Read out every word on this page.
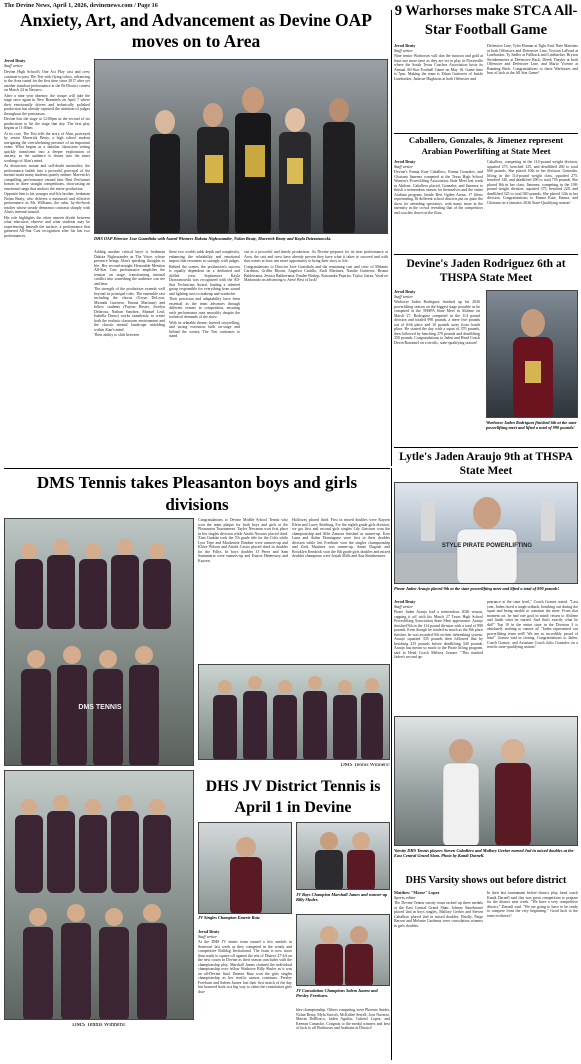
The Devine News, April 1, 2026, devinenews.com / Page 16
Anxiety, Art, and Advancement as Devine OAP moves on to Area
Jerod Beaty
Staff writer

Devine High School's One Act Play cast and crew continue to pass The Test with flying colors, advancing to the Area round for the first time since 2017 after yet another standout performance at the Bi-District contest on March 24 in Navarro.

After a nine year absence, the troupe will take the stage once again in New Braunfels on April 7 where their emotionally driven and technically polished production has already captured the attention of judges throughout the postseason.

Devine hits the stage at 12:00pm as the second of six productions to hit the stage that day. The first play begins at 11:00am.

At its core, The Test tells the story of Alan, portrayed by senior Maverick Beaty, a high school student navigating the overwhelming pressure of an important exam. What begins as a familiar classroom setting quickly transforms into a deeper exploration of anxiety, as the audience is drawn into the inner workings of Alan's mind.

As distractors mount and self-doubt intensifies, the performance builds into a powerful portrayal of the mental strain many students quietly endure. Maverick's compelling performance earned him Best Performer honors in three straight competitions, showcasing an emotional range that anchors the entire production.

Opposite him is his younger real-life brother, freshman Nolan Beaty, who delivers a measured and effective performance as Mr. Williams, the calm, by-the-book teacher whose steady demeanor contrasts sharply with Alan's internal turmoil.

His role highlights the often unseen divide between what educators observe and what students may be experiencing beneath the surface, a performance that garnered All-Star Cast recognition after his last two performances.

DHS OAP Director Jose Guardiola with Award Winners Dakota Nighswander, Nolan Beaty, Maverick Beaty and Kayla Dziezanowski.

Adding another critical layer is freshman Dakota Nighswander as The Voice, whose presence brings Alan's spiraling thoughts to life. Her second-straight Honorable Mention All-Star Cast performance amplifies the tension on stage, transforming internal conflict into something the audience can see and hear.

The strength of the production extends well beyond its principal roles. The ensemble cast including the chorus (Gwyn DeLeon, Miranda Guerrero, Emma Martinez) and fellow students (Payton Hester, Jocelyn Delarosa, Nathan Sanchez, Manuel Leal, Isabella Durso) works seamlessly to create both the realistic classroom environment and the chaotic mental landscape unfolding within Alan's mind.

Their ability to shift between

these two worlds adds depth and complexity, enhancing the relatability and emotional impact that resonates so strongly with judges.

Behind the scenes, the production's success is equally dependent on a dedicated and skilled crew. Sophomore Kayla Dziezanowski was recognized with the All-Star Technician Award, leading a talented group responsible for everything from sound and lighting cues to makeup and wardrobe.

Their precision and adaptability have been essential as the team advances through different venues in competition, ensuring each performance runs smoothly despite the technical demands of the show.

With its relatable theme, layered storytelling, and strong execution both on-stage and behind the scenes, The Test continues to stand

out as a powerful and timely production. As Devine prepares for its next performance at Area, the cast and crew have already proven they have what it takes to succeed and with that comes at least one more opportunity to bring their story to life.

Congratulations to Director Jose Guardiola and the remaining cast and crew of Melanie Cardenas, Griffin Bloom, Angelica Castillo, Zack Martinez, Natalie Gutierrez, Briana Balderrama, Jessica Balderrama, Emilee Bishop, Kassandra Pajarito, Taylor Garza, VeraLee Madonado on advancing to Area! Best of luck!

9 Warhorses make STCA All-Star Football Game
Jerod Beaty
Staff writer
Nine senior Warhorses will don the maroon and gold at least one more time as they are set to play in Floresville where the South Texas Coaches Association hosts its Annual All-Star Football Game on May 16. Game time is 7pm. Making the team is Ethan Gutierrez of Inside Linebacker, Jadacae Hughston at both Offensive and
Defensive Line, Tyler Homan at Tight End, Nate Martinez at both Offensive and Defensive Line, Tryston LaFond at Linebacker, Ty Sadler at Fullback and Linebacker, Bryson Strinkenmeier at Defensive Back, Derek Thayler at both Offensive and Defensive Line, and Mario Vicente at Running Back. Congratulations to these Warhorses and best of luck at the All Star Game!
Caballero, Gonzales, & Jimenez represent Arabian Powerlifting at State Meet
Jerod Beaty
Staff writer
Devine's Emma Kate Caballero, Emma Gonzales, and Gloriana Jimenez competed at the Texas High School Women's Powerlifting Association State Meet last week in Abilene. Caballero placed, Gonzales, and Jimenez to finish a tremendous season for themselves and the entire Arabian program. Inside Bert Ogden Arena, 17 lifters representing 36 different school districts put on quite the show for attending spectators, with many more in the intensity in the crowd revealing that of the competitors and coaches down on the floor.
Caballero, competing in the 114-pound weight division, squatted 275, benched 125, and deadlifted 260 to total 660 pounds. She placed 10th in her division. Gonzales, lifting in the 114-pound weight class, squatted 275, benched 140, and deadlifted 290 to total 705 pounds. She placed 8th in her class. Jimenez, competing in the 198-pound weight division, squatted 375, benched 220, and deadlifted 325 to total 920 pounds. She placed 12th in her division. Congratulations to Emma Kate, Emma, and Gloriana on a fantastic 2026 State-Qualifying season!
Devine's Jaden Rodriguez 6th at THSPA State Meet
Jerod Beaty
Staff writer
Warhorse Jaden Rodriguez finished up his 2026 powerlifting season on the biggest stage possible as he competed at the THSPA State Meet in Abilene on March 27. Rodriguez competed in the 114 pound division and totaled 990 pounds, a mere five pounds out of fifth place and 10 pounds away from fourth place. He started the day with a squat of 370 pounds, then followed by benching 270 pounds and deadlifting 350 pounds. Congratulations to Jaden and Head Coach Devin Rotramel on a terrific, state-qualifying season!
Warhorse Jaden Rodriguez finished 6th at the state powerlifting meet and lifted a total of 990 pounds!
Lytle's Jaden Araujo 9th at THSPA State Meet
STYLE PIRATE POWERLIFTING
Pirate Jaden Araujo placed 9th at the state powerlifting meet and lifted a total of 890 pounds!
Jerod Beaty
Staff writer
Pirate Jaden Araujo had a tremendous 2026 season, capping it off with his March 27 Texas High School Powerlifting Association State Meet appearance. Araujo finished 9th in the 114 pound division with a total of 890 pounds. Even though he totaled as much as the 8th place finisher, he was awarded 9th on their tiebreaking system. Araujo squatted 335 pounds then followed that by benching 215 pounds before deadlifting 340 pounds. Araujo has meant so much to the Pirate lifting program, said to Head Coach Melissa Gomez. "This marked Jaden's second ap-
pearance at the state level," Coach Gomez stated. "Last year, Jaden faced a tough setback, bombing out during the squat and being unable to continue the meet. From that moment on, he had one goal in mind: return to Abilene and finish what he started. And that's exactly what he did!" Top 10 in the entire state in the Division 3 is absolutely nothing to sneeze at! "Jaden represented our powerlifting team well! We are so incredibly proud of him!" Gomez said in closing. Congratulations to Jaden, Coach Gomez, and Assistant Coach Julio Gonzales on a terrific state-qualifying season!
DMS Tennis takes Pleasanton boys and girls divisions
DMS TENNIS
Congratulations to Devine Middle School Tennis who won the team plaque for both boys and girls at the Pleasanton Tournament. Taylor Newman won first place in her singles division while Analis Navarro placed third. Xian Gudoke took the 7th grade title for the Colts while Lyra Tepe and Mackenzie Bindner were runners-up and Khloe Wilson and Aitalis Castro placed third in doubles for the Fillys. In boys doubles JJ Perez and Sam Santamaria were runners-up and Easton Hennessey and Kaysen
Holloway placed third. First in mixed doubles were Kaysen Klein and Lacey Stiteburg. For the eighth grade girls division, we got first and second girls singles Lily Garrison won the championship and Allie Zamora finished as runner-up. Ezra Luna and Aiden Dominguez were first in their doubles division while Jett Freeburn won the singles championship and Zack Martinez was runner-up. Annie Dugosh and Brooklyn Kendrick won the 8th grade girls doubles and mixed doubles champions were Josiah Mills and Ana Steinbrenner.
DMS Tennis Winners!
DHS JV District Tennis is April 1 in Devine
DMS Tennis Winners!
JV Boys Champion Marshall James and runner-up Billy Shuler.
JV Singles Champion Emerie Ruiz
Jerod Beaty
Staff writer
At the DHS JV tennis team earned a few medals in Somerset last week as they competed in the windy and competitive Bulldog Invitational. The team is now more than ready to square off against the rest of District 27-4A on the new courts in Devine as their season concludes with the championship play. Marshall James claimed the individual championship over fellow Warhorse Billy Shuler as it was an all-Devine final. Emmie Ruiz won the girls singles championship as her terrific season continues. Presley Freeburn and Saleen Juarez lost their first match of the day but bounced back in a big way to claim the consolation girls dou-	JV Consolation Champions Salem Juarez and Presley Freeburn.
bles championship. Others competing were Phoenix Snider, Nolan Beaty, Myla Sarcoli, McKallee Serrell, Jose Navarro, Martin DelBosco, Jaden Aguilar, Gabriel Lopez, and Keenan Camacho. Congrats to the medal winners and best of luck to all Warhorses and Arabians at District!
Varsity DHS Tennis players Steven Caballero and Mallory Gerber earned 2nd in mixed doubles at the East Central Grand Slam. Photo by Kandi Darnell.
DHS Varsity shows out before district
Matthew "Moose" Lopez
Sports editor
The Devine Tennis varsity team racked up three medals at the East Central Grand Slam. Johnny Stinebrener placed 2nd in boys singles, Mallory Gerber and Steven Caballero placed 2nd in mixed doubles. Finally, Paige Barron and Melanie Cardenas were consolation winners in girls doubles.
In their last tournament before district play, head coach Kandi Darnell said this was great competition to prepare for the district next week. "We have a very competitive district," Darnell said. "We are going to have to be ready to compete from the very beginning." Good luck to the team in district!
